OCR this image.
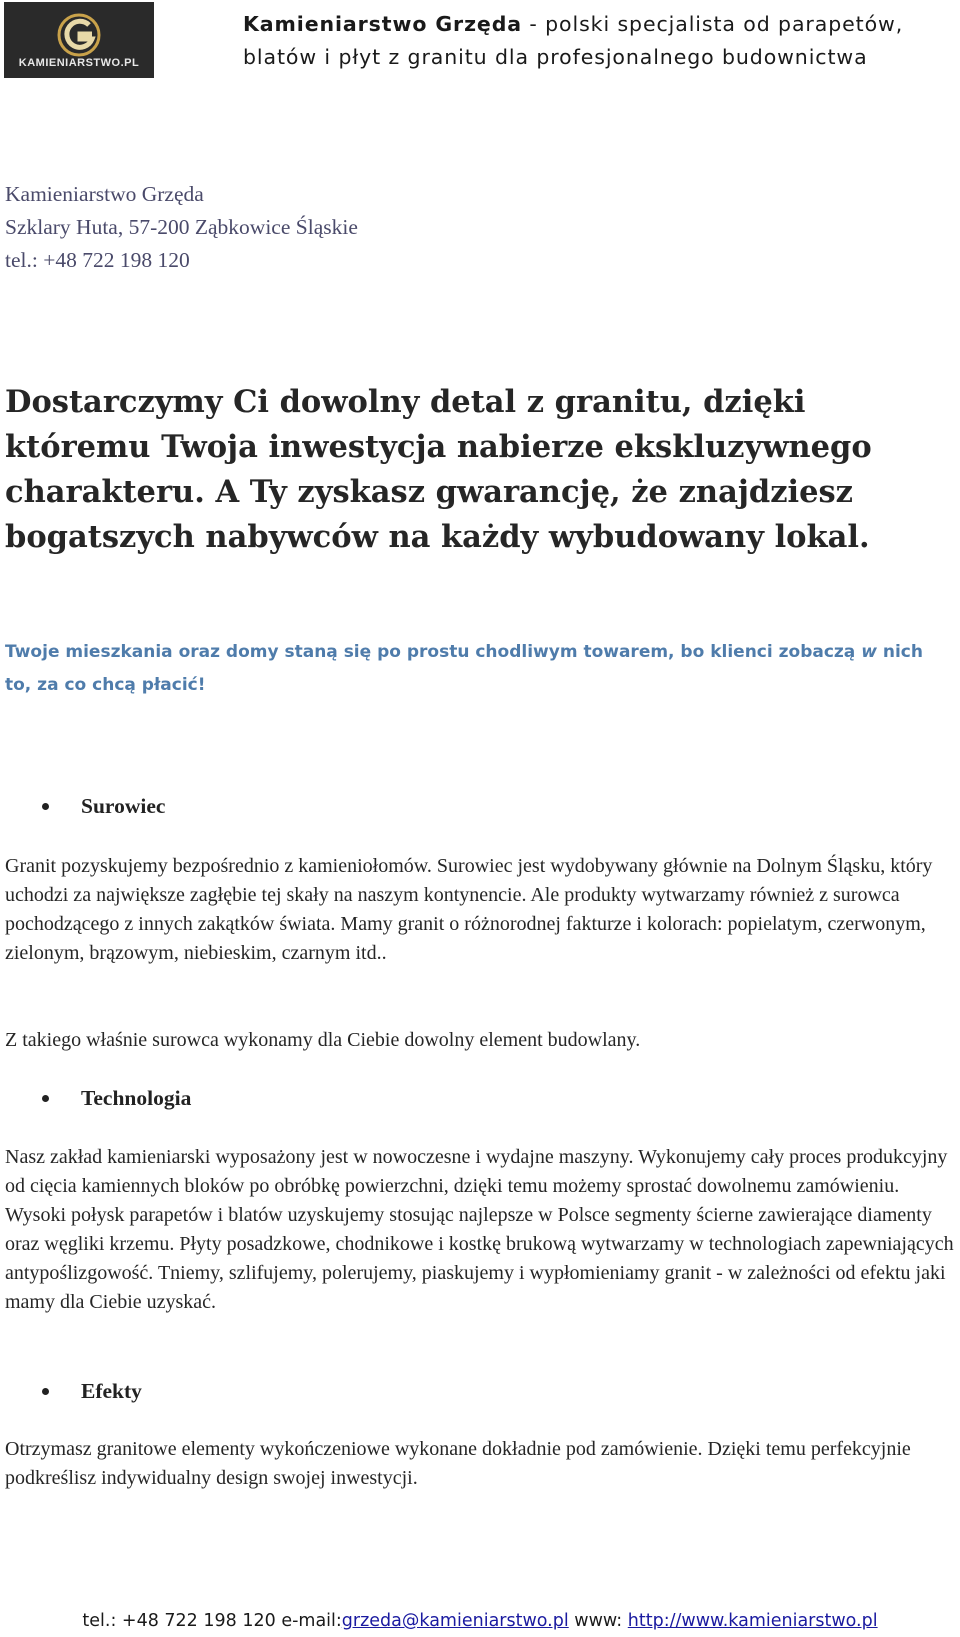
KAMIENIARSTWO.PL
Kamieniarstwo Grzęda - polski specjalista od parapetów,
blatów i płyt z granitu dla profesjonalnego budownictwa
Kamieniarstwo Grzęda
Szklary Huta, 57-200 Ząbkowice Śląskie
tel.: +48 722 198 120
Dostarczymy Ci dowolny detal z granitu, dzięki któremu Twoja inwestycja nabierze ekskluzywnego charakteru. A Ty zyskasz gwarancję, że znajdziesz bogatszych nabywców na każdy wybudowany lokal.
Twoje mieszkania oraz domy staną się po prostu chodliwym towarem, bo klienci zobaczą w nich to, za co chcą płacić!
Surowiec

Granit pozyskujemy bezpośrednio z kamieniołomów. Surowiec jest wydobywany głównie na Dolnym Śląsku, który uchodzi za największe zagłębie tej skały na naszym kontynencie. Ale produkty wytwarzamy również z surowca pochodzącego z innych zakątków świata. Mamy granit o różnorodnej fakturze i kolorach: popielatym, czerwonym, zielonym, brązowym, niebieskim, czarnym itd..

Z takiego właśnie surowca wykonamy dla Ciebie dowolny element budowlany.

Technologia

Nasz zakład kamieniarski wyposażony jest w nowoczesne i wydajne maszyny. Wykonujemy cały proces produkcyjny od cięcia kamiennych bloków po obróbkę powierzchni, dzięki temu możemy sprostać dowolnemu zamówieniu. Wysoki połysk parapetów i blatów uzyskujemy stosując najlepsze w Polsce segmenty ścierne zawierające diamenty oraz węgliki krzemu. Płyty posadzkowe, chodnikowe i kostkę brukową wytwarzamy w technologiach zapewniających antypoślizgowość. Tniemy, szlifujemy, polerujemy, piaskujemy i wypłomieniamy granit - w zależności od efektu jaki mamy dla Ciebie uzyskać.

Efekty

Otrzymasz granitowe elementy wykończeniowe wykonane dokładnie pod zamówienie. Dzięki temu perfekcyjnie podkreślisz indywidualny design swojej inwestycji.

tel.: +48 722 198 120 e-mail:grzeda@kamieniarstwo.pl www: http://www.kamieniarstwo.pl
